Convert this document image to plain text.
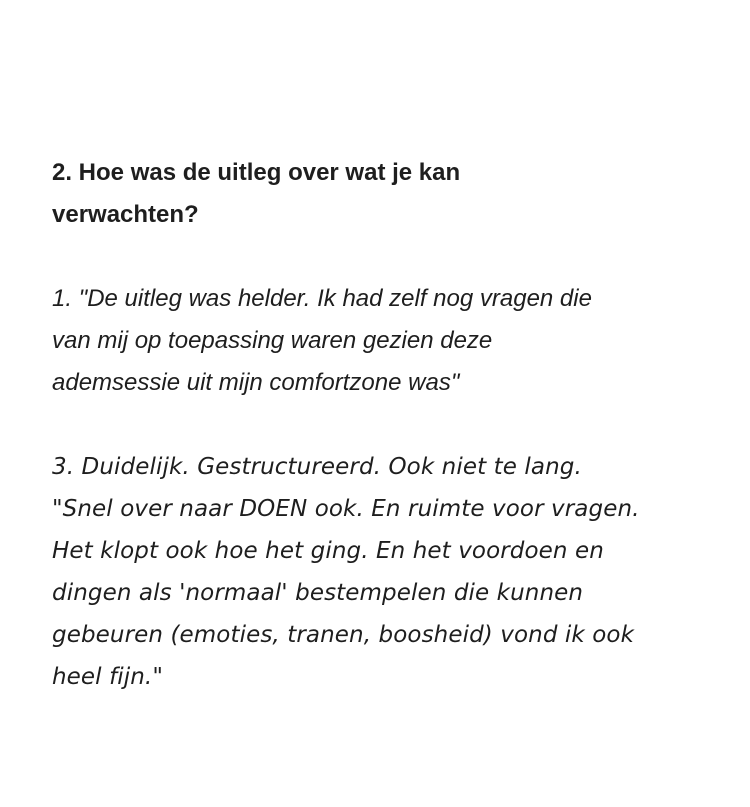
2. Hoe was de uitleg over wat je kan
verwachten?

1. "De uitleg was helder. Ik had zelf nog vragen die
van mij op toepassing waren gezien deze
ademsessie uit mijn comfortzone was"

3. Duidelijk. Gestructureerd. Ook niet te lang.
"Snel over naar DOEN ook. En ruimte voor vragen.
Het klopt ook hoe het ging. En het voordoen en
dingen als 'normaal' bestempelen die kunnen
gebeuren (emoties, tranen, boosheid) vond ik ook
heel fijn."
